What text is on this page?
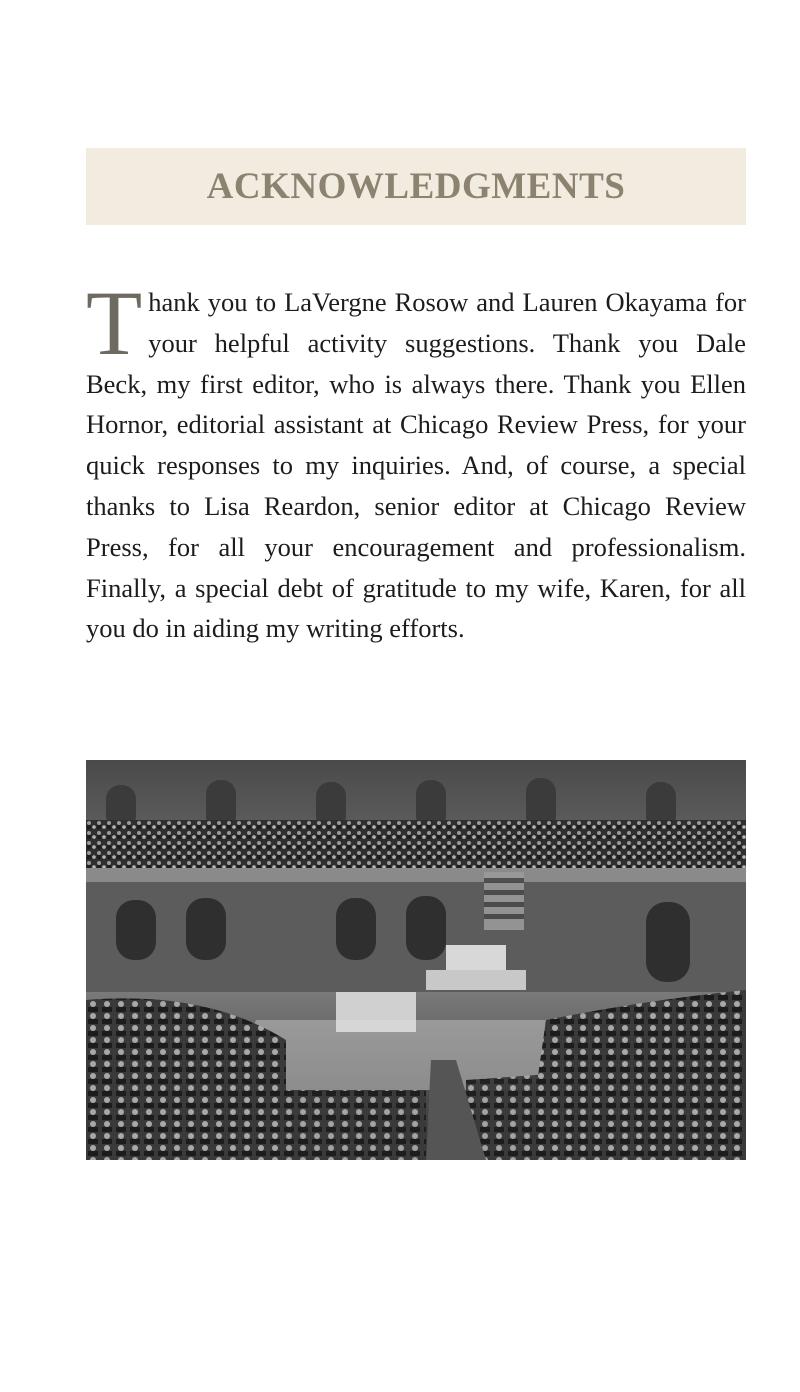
ACKNOWLEDGMENTS

Thank you to LaVergne Rosow and Lauren Okayama for your helpful activity suggestions. Thank you Dale Beck, my first editor, who is always there. Thank you Ellen Hornor, editorial assistant at Chicago Review Press, for your quick responses to my inquiries. And, of course, a special thanks to Lisa Reardon, senior editor at Chicago Review Press, for all your encouragement and professionalism. Finally, a special debt of gratitude to my wife, Karen, for all you do in aiding my writing efforts.
